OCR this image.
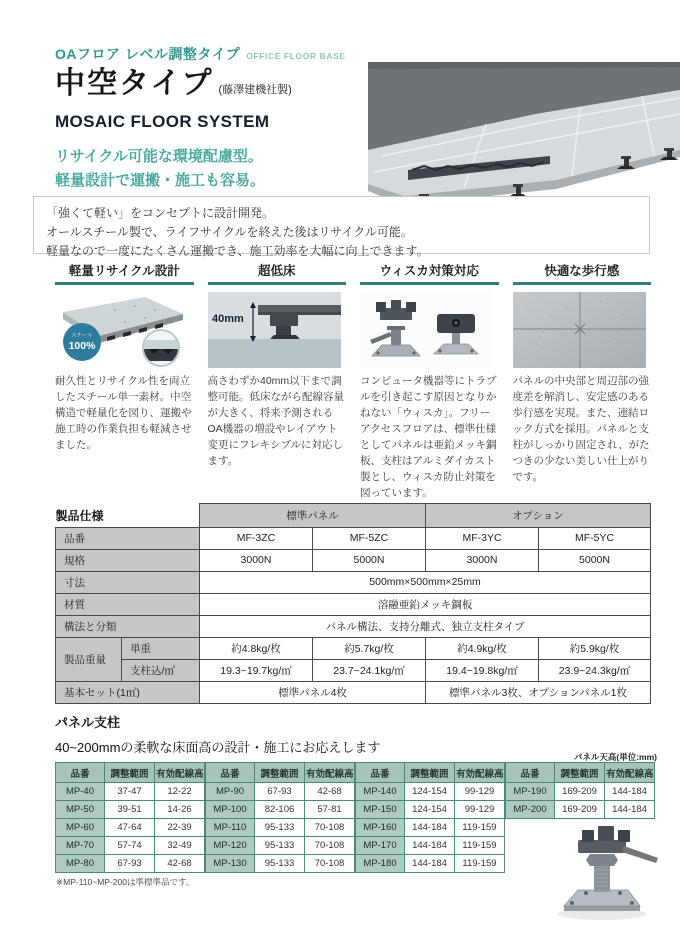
OAフロア レベル調整タイプ OFFICE FLOOR BASE
中空タイプ (藤澤建機社製)
MOSAIC FLOOR SYSTEM
リサイクル可能な環境配慮型。
軽量設計で運搬・施工も容易。
「強くて軽い」をコンセプトに設計開発。
オールスチール製で、ライフサイクルを終えた後はリサイクル可能。
軽量なので一度にたくさん運搬でき、施工効率を大幅に向上できます。
軽量リサイクル設計
スチール
100%

耐久性とリサイクル性を両立したスチール単一素材。中空構造で軽量化を図り、運搬や施工時の作業負担も軽減させました。

超低床
40mm

高さわずか40mm以下まで調整可能。低床ながら配線容量が大きく、将来予測されるOA機器の増設やレイアウト変更にフレキシブルに対応します。

ウィスカ対策対応

コンピュータ機器等にトラブルを引き起こす原因となりかねない「ウィスカ」。フリーアクセスフロアは、標準仕様としてパネルは亜鉛メッキ鋼板、支柱はアルミダイカスト製とし、ウィスカ防止対策を図っています。

快適な歩行感

パネルの中央部と周辺部の強度差を解消し、安定感のある歩行感を実現。また、連結ロック方式を採用。パネルと支柱がしっかり固定され、がたつきの少ない美しい仕上がりです。

製品仕様		標準パネル		オプション	
品番		MF-3ZC	MF-5ZC	MF-3YC	MF-5YC
規格		3000N	5000N	3000N	5000N
寸法		500mm×500mm×25mm			
材質		溶融亜鉛メッキ鋼板			
構法と分類		パネル構法、支持分離式、独立支柱タイプ			
製品重量	単重	約4.8kg/枚	約5.7kg/枚	約4.9kg/枚	約5.9kg/枚
	支柱込/㎡	19.3~19.7kg/㎡	23.7~24.1kg/㎡	19.4~19.8kg/㎡	23.9~24.3kg/㎡
基本セット(1㎡)		標準パネル4枚		標準パネル3枚、オプションパネル1枚	
パネル支柱
40~200mmの柔軟な床面高の設計・施工にお応えします
パネル天高(単位:mm)
品番	調整範囲	有効配線高
MP-40	37-47	12-22
MP-50	39-51	14-26
MP-60	47-64	22-39
MP-70	57-74	32-49
MP-80	67-93	42-68
品番	調整範囲	有効配線高
MP-90	67-93	42-68
MP-100	82-106	57-81
MP-110	95-133	70-108
MP-120	95-133	70-108
MP-130	95-133	70-108
品番	調整範囲	有効配線高
MP-140	124-154	99-129
MP-150	124-154	99-129
MP-160	144-184	119-159
MP-170	144-184	119-159
MP-180	144-184	119-159
品番	調整範囲	有効配線高
MP-190	169-209	144-184
MP-200	169-209	144-184
※MP-110~MP-200は準標準品です。
